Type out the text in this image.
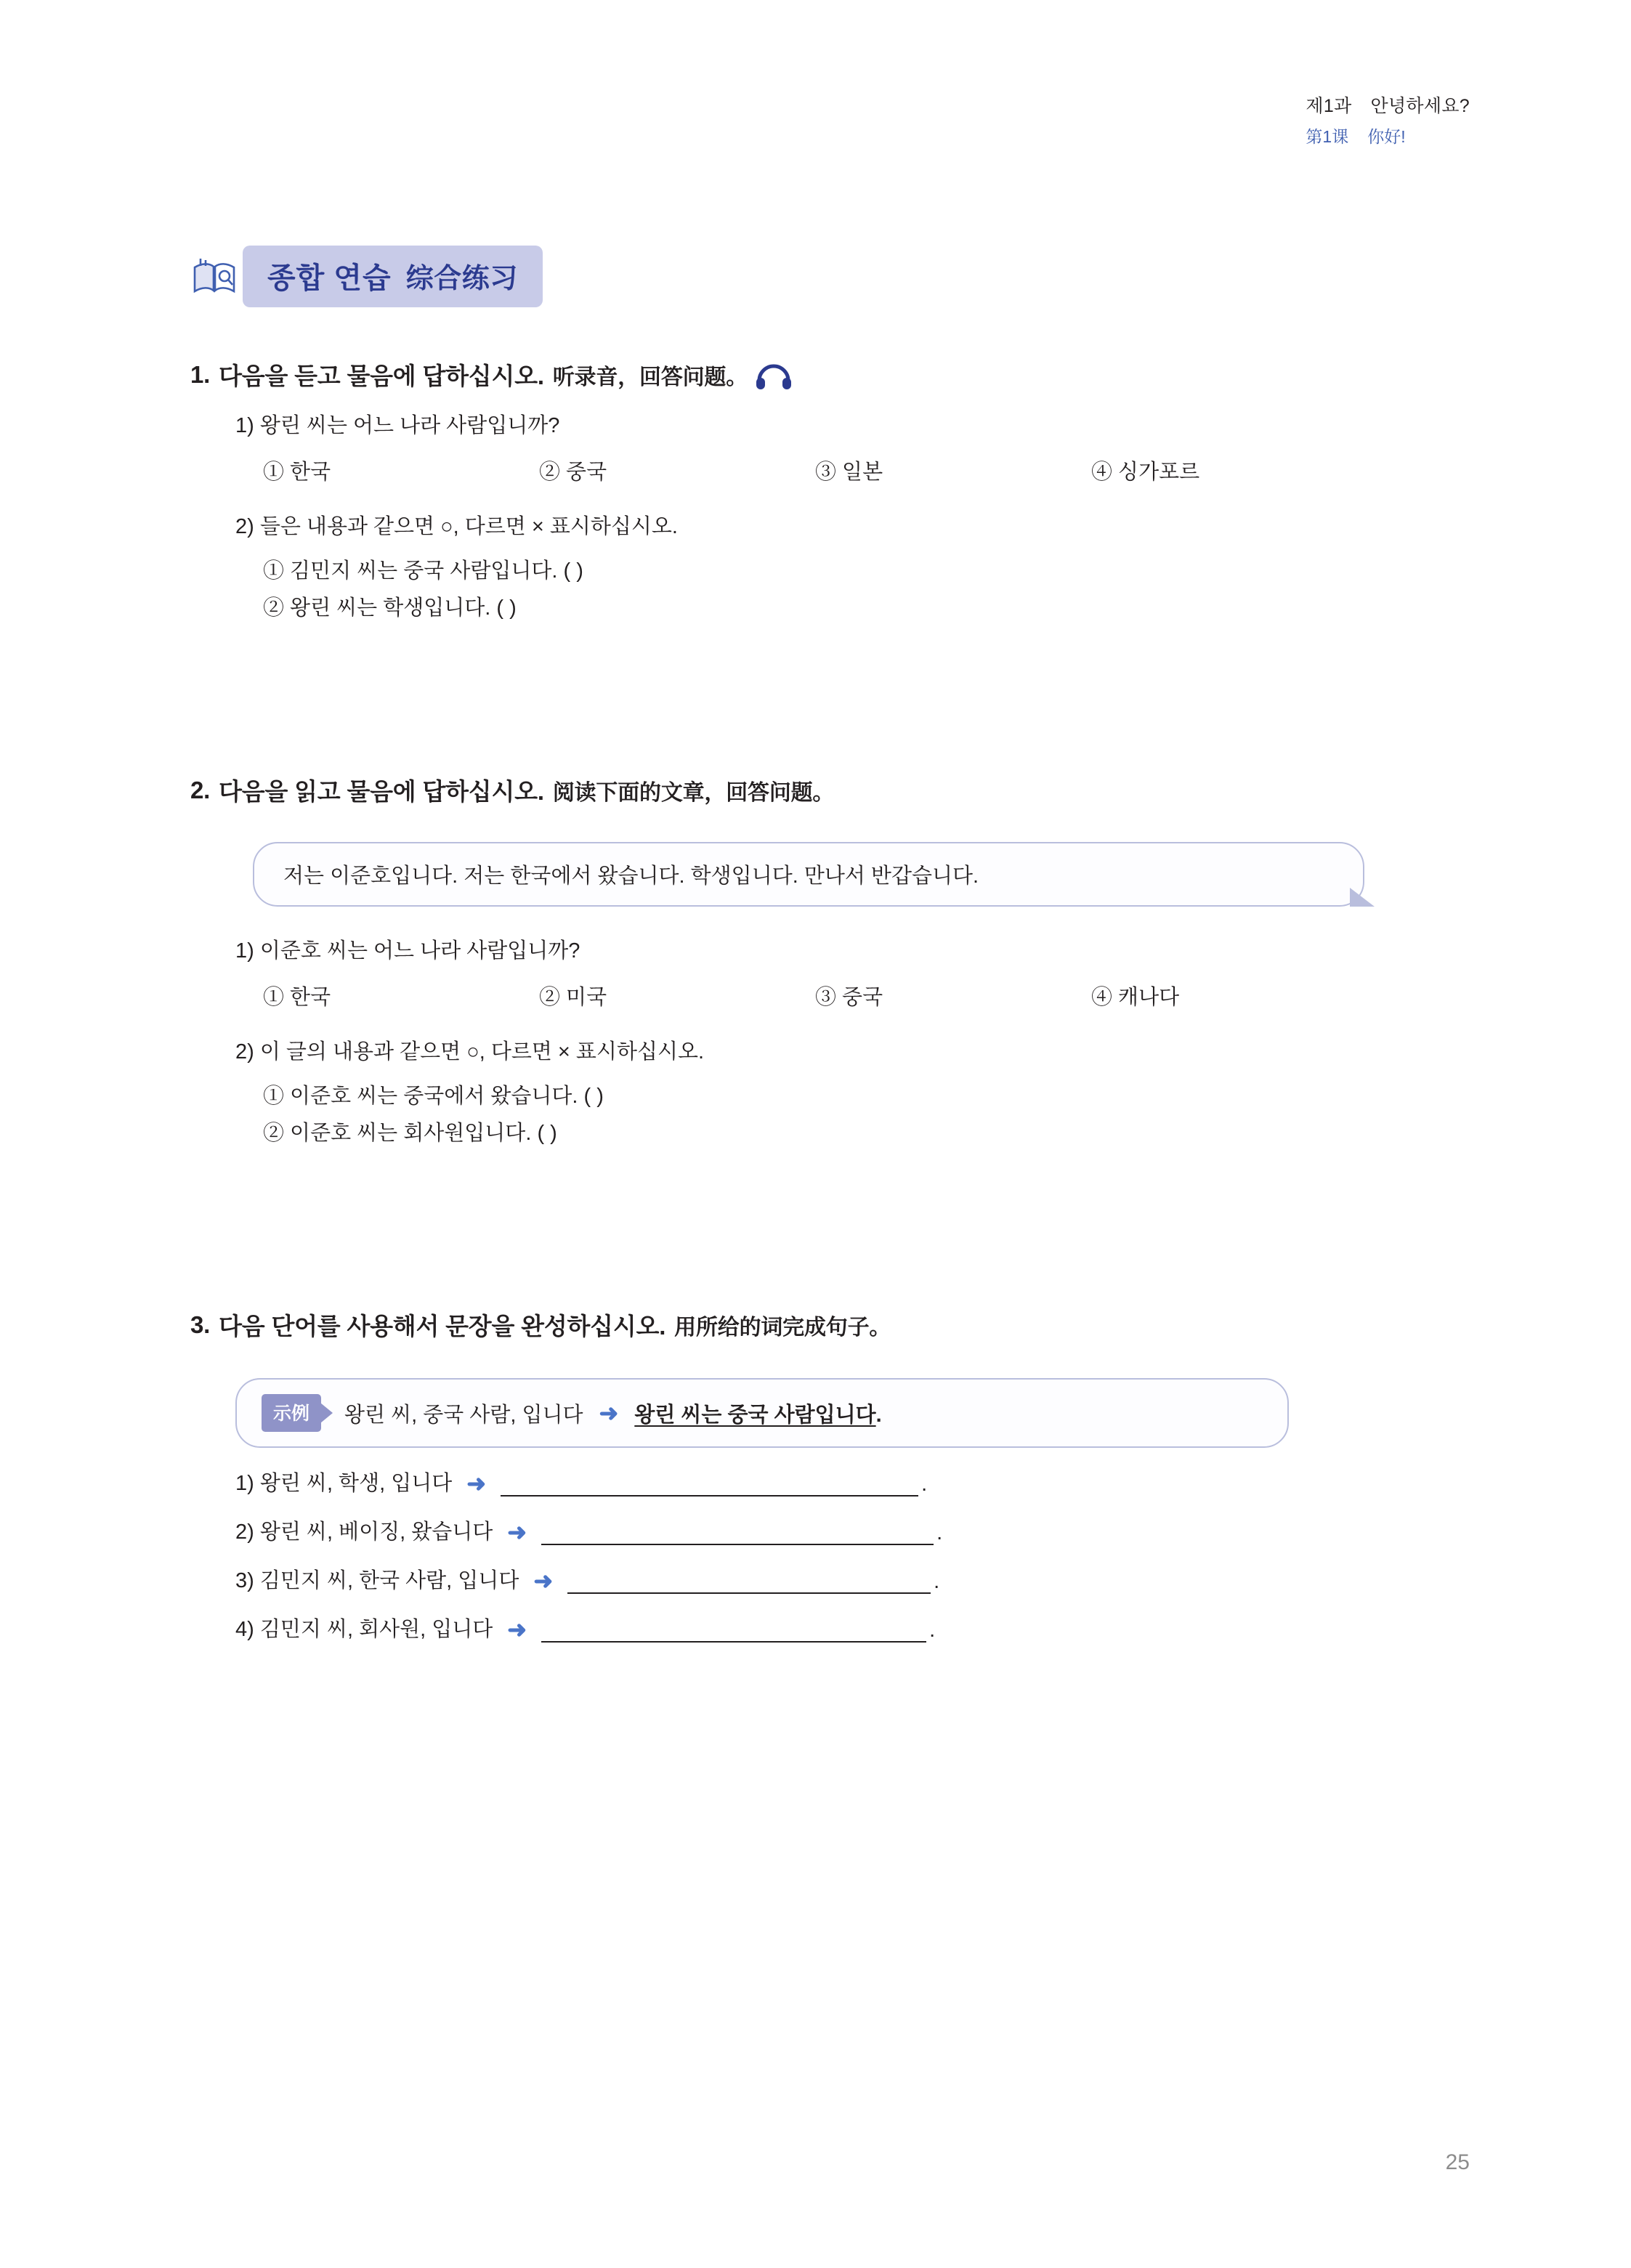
제1과 안녕하세요?
第1课 你好!
종합 연습 综合练习
1. 다음을 듣고 물음에 답하십시오. 听录音，回答问题。
1) 왕린 씨는 어느 나라 사람입니까?
① 한국	② 중국	③ 일본	④ 싱가포르
2) 들은 내용과 같으면 ○, 다르면 × 표시하십시오.
① 김민지 씨는 중국 사람입니다. ( )
② 왕린 씨는 학생입니다. ( )
2. 다음을 읽고 물음에 답하십시오. 阅读下面的文章，回答问题。
저는 이준호입니다. 저는 한국에서 왔습니다. 학생입니다. 만나서 반갑습니다.
1) 이준호 씨는 어느 나라 사람입니까?
① 한국	② 미국	③ 중국	④ 캐나다
2) 이 글의 내용과 같으면 ○, 다르면 × 표시하십시오.
① 이준호 씨는 중국에서 왔습니다. ( )
② 이준호 씨는 회사원입니다. ( )
3. 다음 단어를 사용해서 문장을 완성하십시오. 用所给的词完成句子。
示例	왕린 씨, 중국 사람, 입니다 ➜ 왕린 씨는 중국 사람입니다.
1) 왕린 씨, 학생, 입니다 ➜	.
2) 왕린 씨, 베이징, 왔습니다 ➜	.
3) 김민지 씨, 한국 사람, 입니다 ➜	.
4) 김민지 씨, 회사원, 입니다 ➜	.
25
